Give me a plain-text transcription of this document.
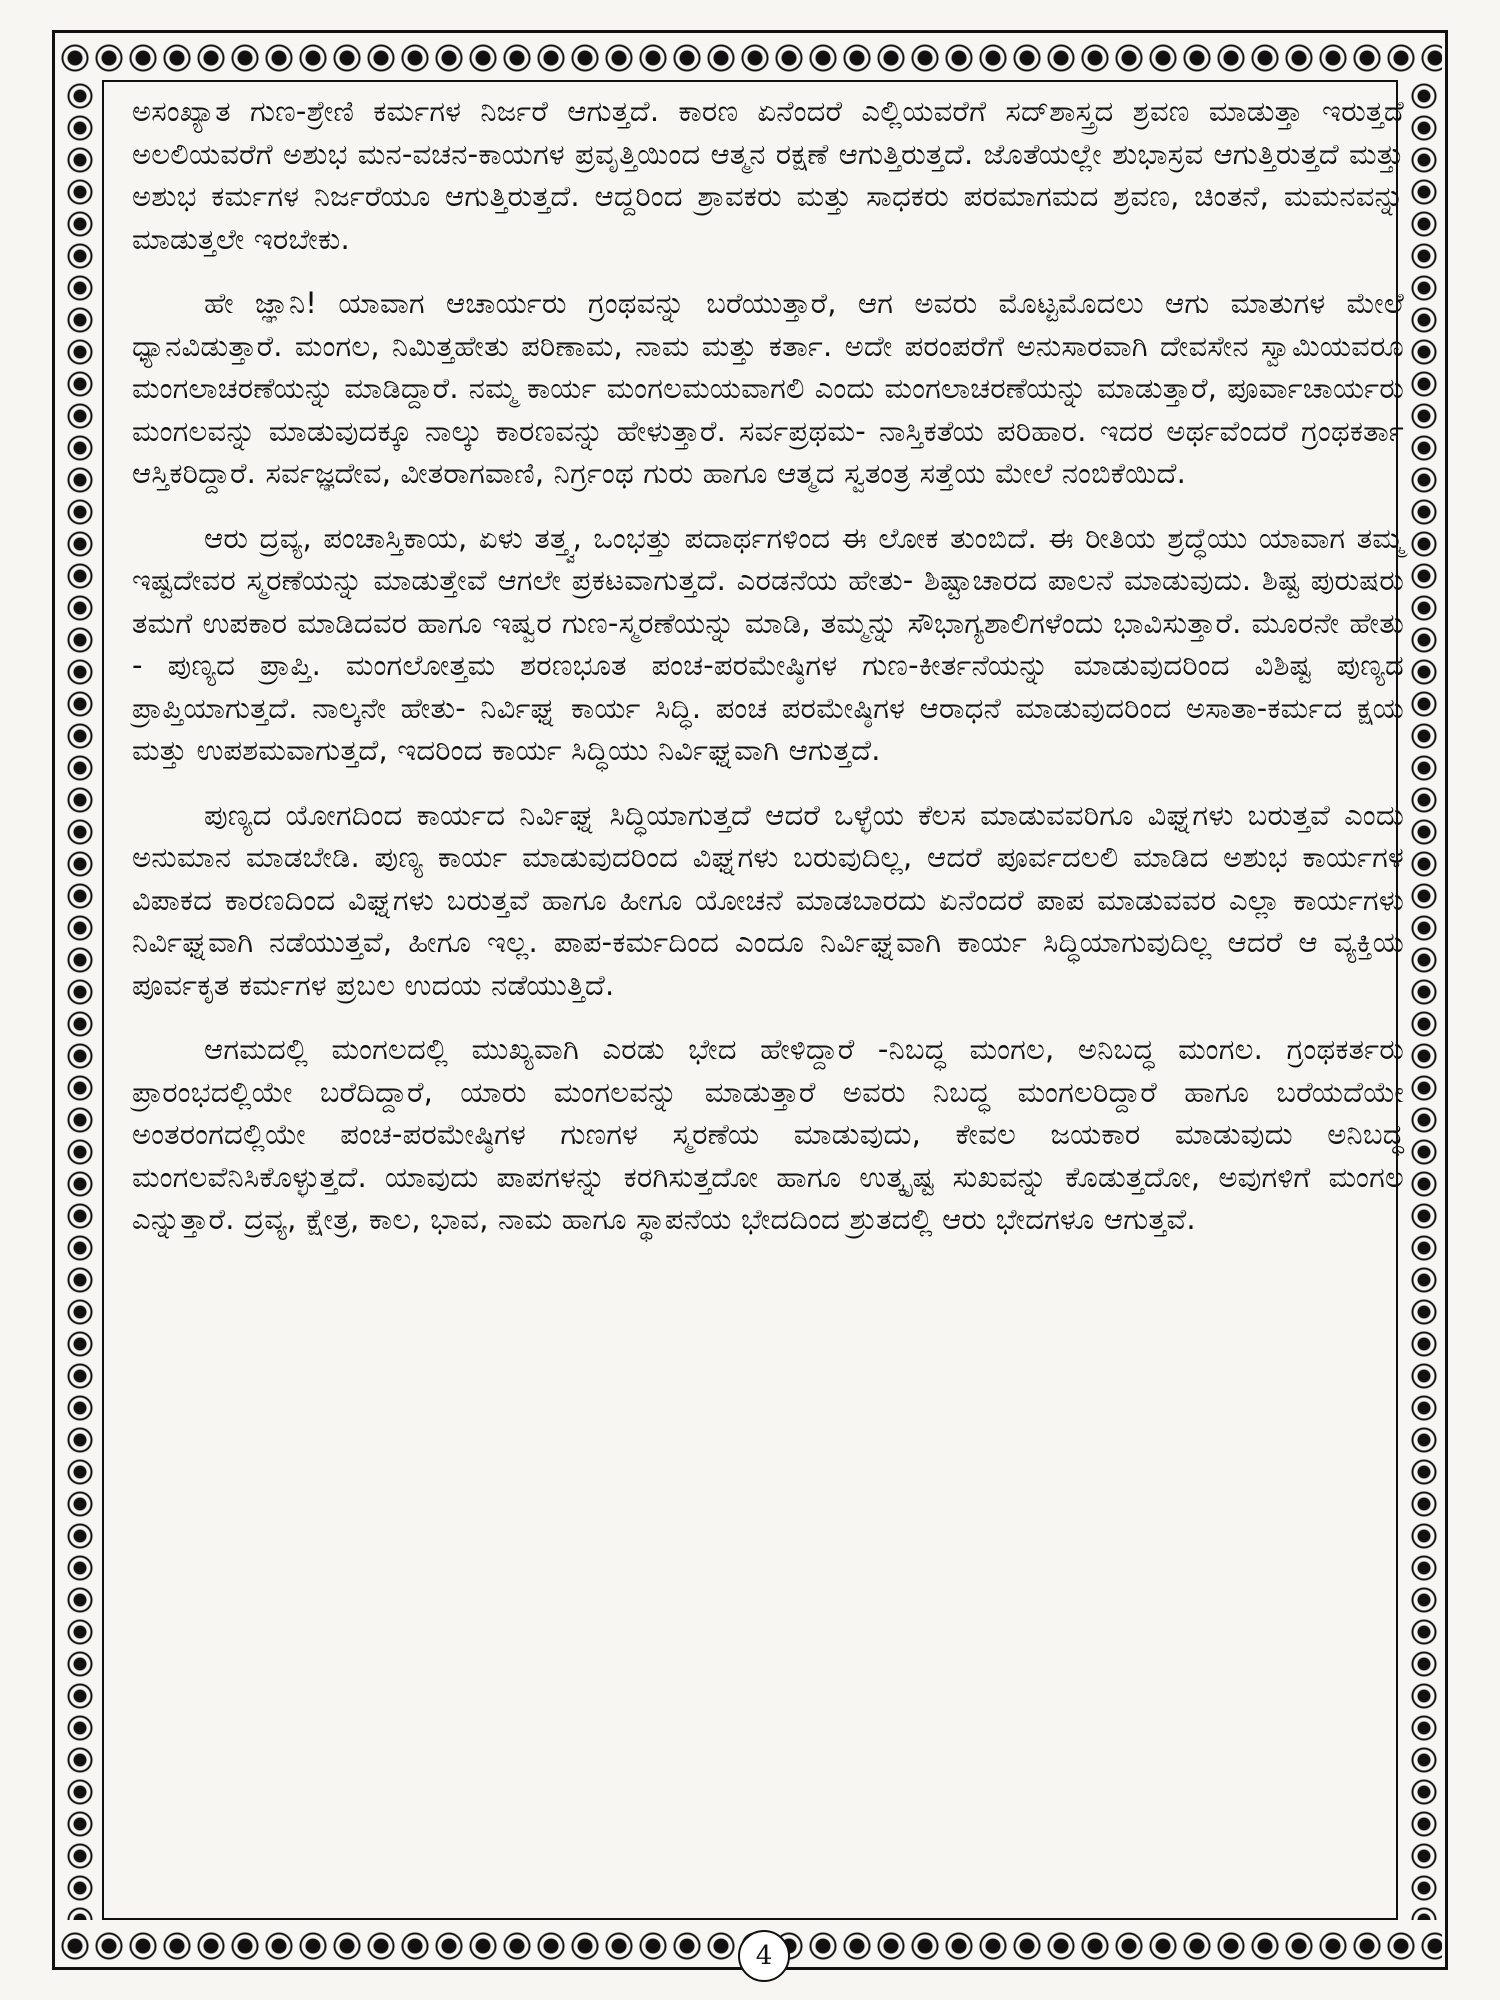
ಅಸಂಖ್ಯಾತ ಗುಣ-ಶ್ರೇಣಿ ಕರ್ಮಗಳ ನಿರ್ಜರೆ ಆಗುತ್ತದೆ. ಕಾರಣ ಏನೆಂದರೆ ಎಲ್ಲಿಯವರೆಗೆ ಸದ್‌ಶಾಸ್ತ್ರದ ಶ್ರವಣ ಮಾಡುತ್ತಾ ಇರುತ್ತದೆ ಅಲಲಿಯವರೆಗೆ ಅಶುಭ ಮನ-ವಚನ-ಕಾಯಗಳ ಪ್ರವೃತ್ತಿಯಿಂದ ಆತ್ಮನ ರಕ್ಷಣೆ ಆಗುತ್ತಿರುತ್ತದೆ. ಜೊತೆಯಲ್ಲೇ ಶುಭಾಸ್ರವ ಆಗುತ್ತಿರುತ್ತದೆ ಮತ್ತು ಅಶುಭ ಕರ್ಮಗಳ ನಿರ್ಜರೆಯೂ ಆಗುತ್ತಿರುತ್ತದೆ. ಆದ್ದರಿಂದ ಶ್ರಾವಕರು ಮತ್ತು ಸಾಧಕರು ಪರಮಾಗಮದ ಶ್ರವಣ, ಚಿಂತನೆ, ಮಮನವನ್ನು ಮಾಡುತ್ತಲೇ ಇರಬೇಕು.

ಹೇ ಜ್ಞಾನಿ! ಯಾವಾಗ ಆಚಾರ್ಯರು ಗ್ರಂಥವನ್ನು ಬರೆಯುತ್ತಾರೆ, ಆಗ ಅವರು ಮೊಟ್ಟಮೊದಲು ಆಗು ಮಾತುಗಳ ಮೇಲೆ ಧ್ಯಾನವಿಡುತ್ತಾರೆ. ಮಂಗಲ, ನಿಮಿತ್ತಹೇತು ಪರಿಣಾಮ, ನಾಮ ಮತ್ತು ಕರ್ತಾ. ಅದೇ ಪರಂಪರೆಗೆ ಅನುಸಾರವಾಗಿ ದೇವಸೇನ ಸ್ವಾಮಿಯವರೂ ಮಂಗಲಾಚರಣೆಯನ್ನು ಮಾಡಿದ್ದಾರೆ. ನಮ್ಮ ಕಾರ್ಯ ಮಂಗಲಮಯವಾಗಲಿ ಎಂದು ಮಂಗಲಾಚರಣೆಯನ್ನು ಮಾಡುತ್ತಾರೆ, ಪೂರ್ವಾಚಾರ್ಯರು ಮಂಗಲವನ್ನು ಮಾಡುವುದಕ್ಕೂ ನಾಲ್ಕು ಕಾರಣವನ್ನು ಹೇಳುತ್ತಾರೆ. ಸರ್ವಪ್ರಥಮ- ನಾಸ್ತಿಕತೆಯ ಪರಿಹಾರ. ಇದರ ಅರ್ಥವೆಂದರೆ ಗ್ರಂಥಕರ್ತಾ ಆಸ್ತಿಕರಿದ್ದಾರೆ. ಸರ್ವಜ್ಞದೇವ, ವೀತರಾಗವಾಣಿ, ನಿರ್ಗ್ರಂಥ ಗುರು ಹಾಗೂ ಆತ್ಮದ ಸ್ವತಂತ್ರ ಸತ್ತೆಯ ಮೇಲೆ ನಂಬಿಕೆಯಿದೆ.

ಆರು ದ್ರವ್ಯ, ಪಂಚಾಸ್ತಿಕಾಯ, ಏಳು ತತ್ತ್ವ, ಒಂಭತ್ತು ಪದಾರ್ಥಗಳಿಂದ ಈ ಲೋಕ ತುಂಬಿದೆ. ಈ ರೀತಿಯ ಶ್ರದ್ಧೆಯು ಯಾವಾಗ ತಮ್ಮ ಇಷ್ಟದೇವರ ಸ್ಮರಣೆಯನ್ನು ಮಾಡುತ್ತೇವೆ ಆಗಲೇ ಪ್ರಕಟವಾಗುತ್ತದೆ. ಎರಡನೆಯ ಹೇತು- ಶಿಷ್ಟಾಚಾರದ ಪಾಲನೆ ಮಾಡುವುದು. ಶಿಷ್ಟ ಪುರುಷರು ತಮಗೆ ಉಪಕಾರ ಮಾಡಿದವರ ಹಾಗೂ ಇಷ್ವರ ಗುಣ-ಸ್ಮರಣೆಯನ್ನು ಮಾಡಿ, ತಮ್ಮನ್ನು ಸೌಭಾಗ್ಯಶಾಲಿಗಳೆಂದು ಭಾವಿಸುತ್ತಾರೆ. ಮೂರನೇ ಹೇತು - ಪುಣ್ಯದ ಪ್ರಾಪ್ತಿ. ಮಂಗಲೋತ್ತಮ ಶರಣಭೂತ ಪಂಚ-ಪರಮೇಷ್ಠಿಗಳ ಗುಣ-ಕೀರ್ತನೆಯನ್ನು ಮಾಡುವುದರಿಂದ ವಿಶಿಷ್ಟ ಪುಣ್ಯದ ಪ್ರಾಪ್ತಿಯಾಗುತ್ತದೆ. ನಾಲ್ಕನೇ ಹೇತು- ನಿರ್ವಿಘ್ನ ಕಾರ್ಯ ಸಿದ್ಧಿ. ಪಂಚ ಪರಮೇಷ್ಠಿಗಳ ಆರಾಧನೆ ಮಾಡುವುದರಿಂದ ಅಸಾತಾ-ಕರ್ಮದ ಕ್ಷಯ ಮತ್ತು ಉಪಶಮವಾಗುತ್ತದೆ, ಇದರಿಂದ ಕಾರ್ಯ ಸಿದ್ಧಿಯು ನಿರ್ವಿಘ್ನವಾಗಿ ಆಗುತ್ತದೆ.

ಪುಣ್ಯದ ಯೋಗದಿಂದ ಕಾರ್ಯದ ನಿರ್ವಿಘ್ನ ಸಿದ್ಧಿಯಾಗುತ್ತದೆ ಆದರೆ ಒಳ್ಳೆಯ ಕೆಲಸ ಮಾಡುವವರಿಗೂ ವಿಘ್ನಗಳು ಬರುತ್ತವೆ ಎಂದು ಅನುಮಾನ ಮಾಡಬೇಡಿ. ಪುಣ್ಯ ಕಾರ್ಯ ಮಾಡುವುದರಿಂದ ವಿಘ್ನಗಳು ಬರುವುದಿಲ್ಲ, ಆದರೆ ಪೂರ್ವದಲಲಿ ಮಾಡಿದ ಅಶುಭ ಕಾರ್ಯಗಳ ವಿಪಾಕದ ಕಾರಣದಿಂದ ವಿಘ್ನಗಳು ಬರುತ್ತವೆ ಹಾಗೂ ಹೀಗೂ ಯೋಚನೆ ಮಾಡಬಾರದು ಏನೆಂದರೆ ಪಾಪ ಮಾಡುವವರ ಎಲ್ಲಾ ಕಾರ್ಯಗಳು ನಿರ್ವಿಘ್ನವಾಗಿ ನಡೆಯುತ್ತವೆ, ಹೀಗೂ ಇಲ್ಲ. ಪಾಪ-ಕರ್ಮದಿಂದ ಎಂದೂ ನಿರ್ವಿಘ್ನವಾಗಿ ಕಾರ್ಯ ಸಿದ್ಧಿಯಾಗುವುದಿಲ್ಲ ಆದರೆ ಆ ವ್ಯಕ್ತಿಯ ಪೂರ್ವಕೃತ ಕರ್ಮಗಳ ಪ್ರಬಲ ಉದಯ ನಡೆಯುತ್ತಿದೆ.

ಆಗಮದಲ್ಲಿ ಮಂಗಲದಲ್ಲಿ ಮುಖ್ಯವಾಗಿ ಎರಡು ಭೇದ ಹೇಳಿದ್ದಾರೆ -ನಿಬದ್ಧ ಮಂಗಲ, ಅನಿಬದ್ಧ ಮಂಗಲ. ಗ್ರಂಥಕರ್ತರು ಪ್ರಾರಂಭದಲ್ಲಿಯೇ ಬರೆದಿದ್ದಾರೆ, ಯಾರು ಮಂಗಲವನ್ನು ಮಾಡುತ್ತಾರೆ ಅವರು ನಿಬದ್ಧ ಮಂಗಲರಿದ್ದಾರೆ ಹಾಗೂ ಬರೆಯದೆಯೇ ಅಂತರಂಗದಲ್ಲಿಯೇ ಪಂಚ-ಪರಮೇಷ್ಠಿಗಳ ಗುಣಗಳ ಸ್ಮರಣೆಯ ಮಾಡುವುದು, ಕೇವಲ ಜಯಕಾರ ಮಾಡುವುದು ಅನಿಬದ್ಧ ಮಂಗಲವೆನಿಸಿಕೊಳ್ಳುತ್ತದೆ. ಯಾವುದು ಪಾಪಗಳನ್ನು ಕರಗಿಸುತ್ತದೋ ಹಾಗೂ ಉತ್ಕೃಷ್ಟ ಸುಖವನ್ನು ಕೊಡುತ್ತದೋ, ಅವುಗಳಿಗೆ ಮಂಗಲ ಎನ್ನುತ್ತಾರೆ. ದ್ರವ್ಯ, ಕ್ಷೇತ್ರ, ಕಾಲ, ಭಾವ, ನಾಮ ಹಾಗೂ ಸ್ಥಾಪನೆಯ ಭೇದದಿಂದ ಶ್ರುತದಲ್ಲಿ ಆರು ಭೇದಗಳೂ ಆಗುತ್ತವೆ.

4
